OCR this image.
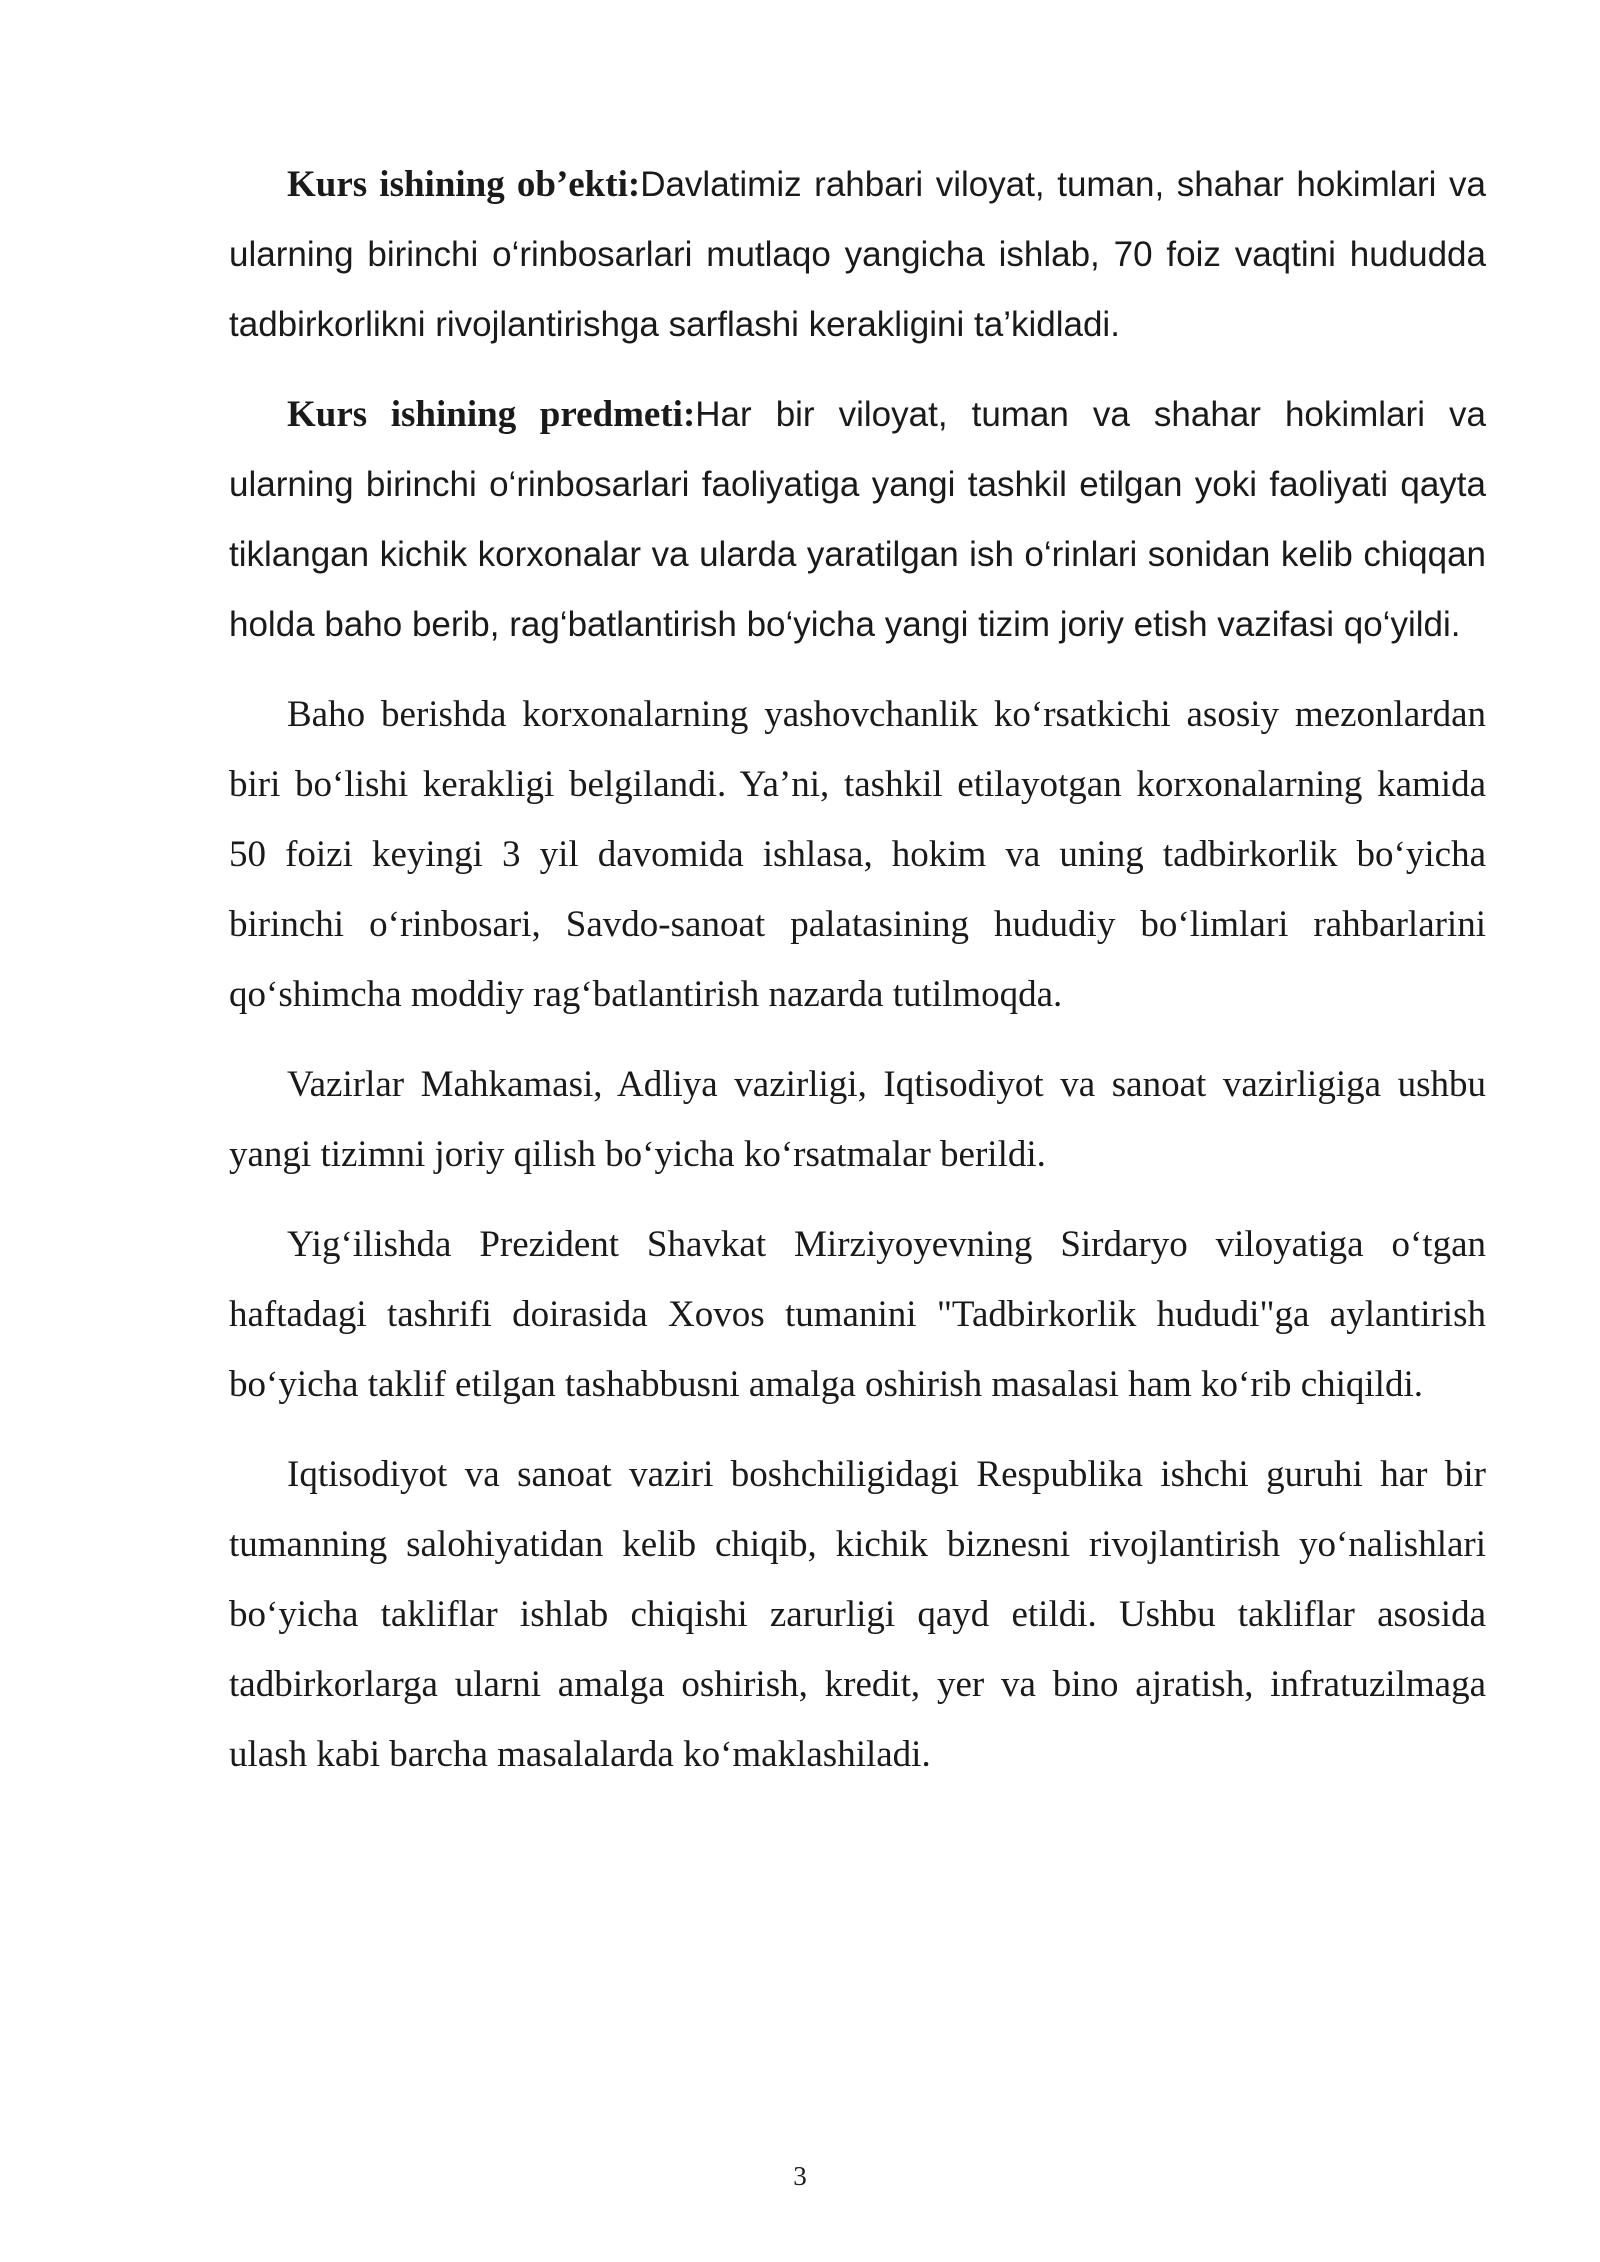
Kurs ishining ob’ekti:Davlatimiz rahbari viloyat, tuman, shahar hokimlari va ularning birinchi o‘rinbosarlari mutlaqo yangicha ishlab, 70 foiz vaqtini hududda tadbirkorlikni rivojlantirishga sarflashi kerakligini ta’kidladi.

Kurs ishining predmeti:Har bir viloyat, tuman va shahar hokimlari va ularning birinchi o‘rinbosarlari faoliyatiga yangi tashkil etilgan yoki faoliyati qayta tiklangan kichik korxonalar va ularda yaratilgan ish o‘rinlari sonidan kelib chiqqan holda baho berib, rag‘batlantirish bo‘yicha yangi tizim joriy etish vazifasi qo‘yildi.

Baho berishda korxonalarning yashovchanlik ko‘rsatkichi asosiy mezonlardan biri bo‘lishi kerakligi belgilandi. Ya’ni, tashkil etilayotgan korxonalarning kamida 50 foizi keyingi 3 yil davomida ishlasa, hokim va uning tadbirkorlik bo‘yicha birinchi o‘rinbosari, Savdo-sanoat palatasining hududiy bo‘limlari rahbarlarini qo‘shimcha moddiy rag‘batlantirish nazarda tutilmoqda.

Vazirlar Mahkamasi, Adliya vazirligi, Iqtisodiyot va sanoat vazirligiga ushbu yangi tizimni joriy qilish bo‘yicha ko‘rsatmalar berildi.

Yig‘ilishda Prezident Shavkat Mirziyoyevning Sirdaryo viloyatiga o‘tgan haftadagi tashrifi doirasida Xovos tumanini "Tadbirkorlik hududi"ga aylantirish bo‘yicha taklif etilgan tashabbusni amalga oshirish masalasi ham ko‘rib chiqildi.

Iqtisodiyot va sanoat vaziri boshchiligidagi Respublika ishchi guruhi har bir tumanning salohiyatidan kelib chiqib, kichik biznesni rivojlantirish yo‘nalishlari bo‘yicha takliflar ishlab chiqishi zarurligi qayd etildi. Ushbu takliflar asosida tadbirkorlarga ularni amalga oshirish, kredit, yer va bino ajratish, infratuzilmaga ulash kabi barcha masalalarda ko‘maklashiladi.

3
